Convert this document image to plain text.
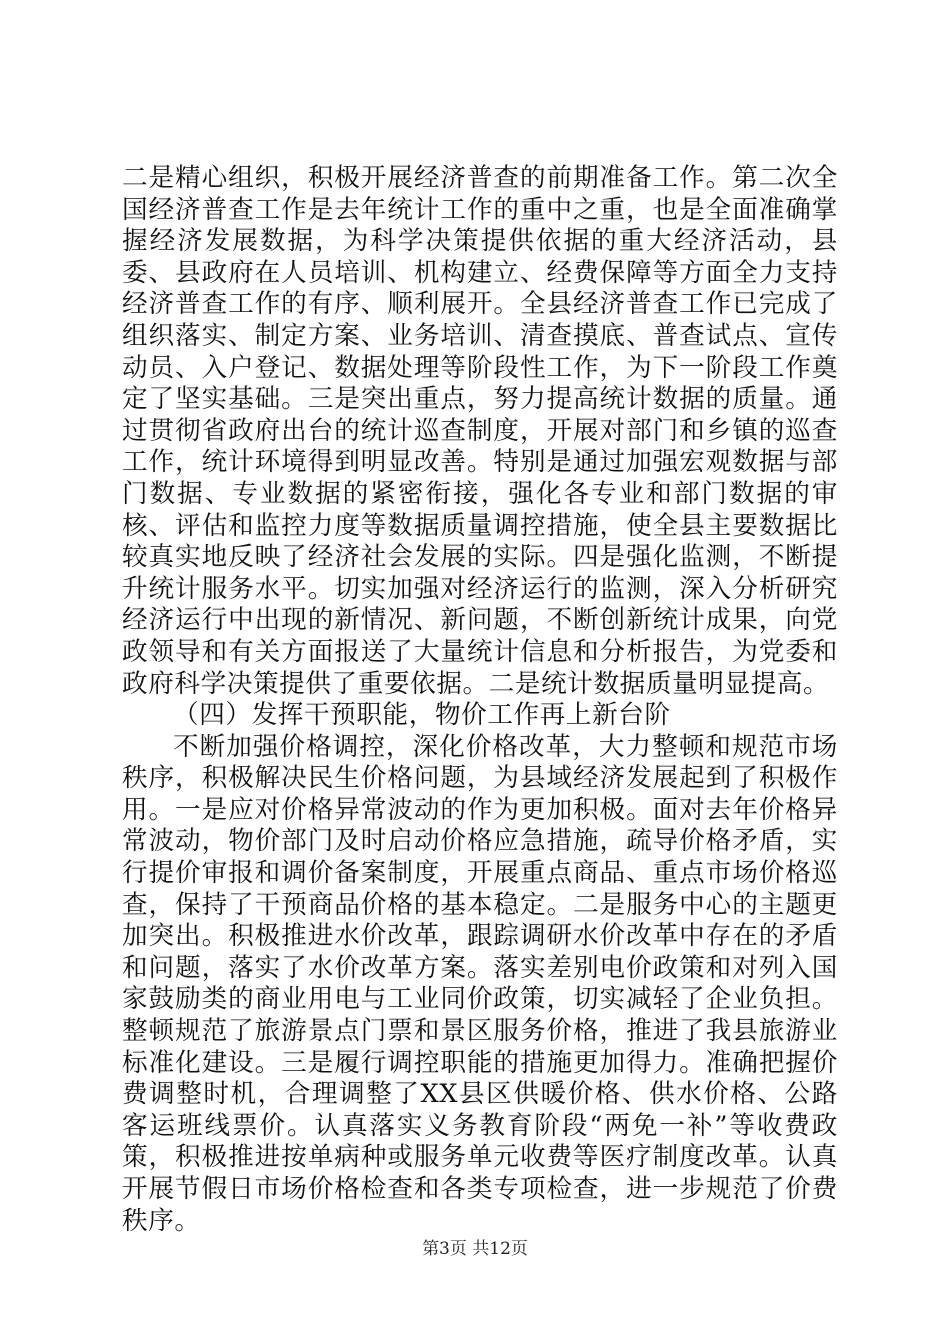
二是精心组织，积极开展经济普查的前期准备工作。第二次全国经济普查工作是去年统计工作的重中之重，也是全面准确掌握经济发展数据，为科学决策提供依据的重大经济活动，县委、县政府在人员培训、机构建立、经费保障等方面全力支持经济普查工作的有序、顺利展开。全县经济普查工作已完成了组织落实、制定方案、业务培训、清查摸底、普查试点、宣传动员、入户登记、数据处理等阶段性工作，为下一阶段工作奠定了坚实基础。三是突出重点，努力提高统计数据的质量。通过贯彻省政府出台的统计巡查制度，开展对部门和乡镇的巡查工作，统计环境得到明显改善。特别是通过加强宏观数据与部门数据、专业数据的紧密衔接，强化各专业和部门数据的审核、评估和监控力度等数据质量调控措施，使全县主要数据比较真实地反映了经济社会发展的实际。四是强化监测，不断提升统计服务水平。切实加强对经济运行的监测，深入分析研究经济运行中出现的新情况、新问题，不断创新统计成果，向党政领导和有关方面报送了大量统计信息和分析报告，为党委和政府科学决策提供了重要依据。二是统计数据质量明显提高。

（四）发挥干预职能，物价工作再上新台阶

不断加强价格调控，深化价格改革，大力整顿和规范市场秩序，积极解决民生价格问题，为县域经济发展起到了积极作用。一是应对价格异常波动的作为更加积极。面对去年价格异常波动，物价部门及时启动价格应急措施，疏导价格矛盾，实行提价审报和调价备案制度，开展重点商品、重点市场价格巡查，保持了干预商品价格的基本稳定。二是服务中心的主题更加突出。积极推进水价改革，跟踪调研水价改革中存在的矛盾和问题，落实了水价改革方案。落实差别电价政策和对列入国家鼓励类的商业用电与工业同价政策，切实减轻了企业负担。整顿规范了旅游景点门票和景区服务价格，推进了我县旅游业标准化建设。三是履行调控职能的措施更加得力。准确把握价费调整时机，合理调整了XX县区供暖价格、供水价格、公路客运班线票价。认真落实义务教育阶段“两免一补”等收费政策，积极推进按单病种或服务单元收费等医疗制度改革。认真开展节假日市场价格检查和各类专项检查，进一步规范了价费秩序。

第3页 共12页
